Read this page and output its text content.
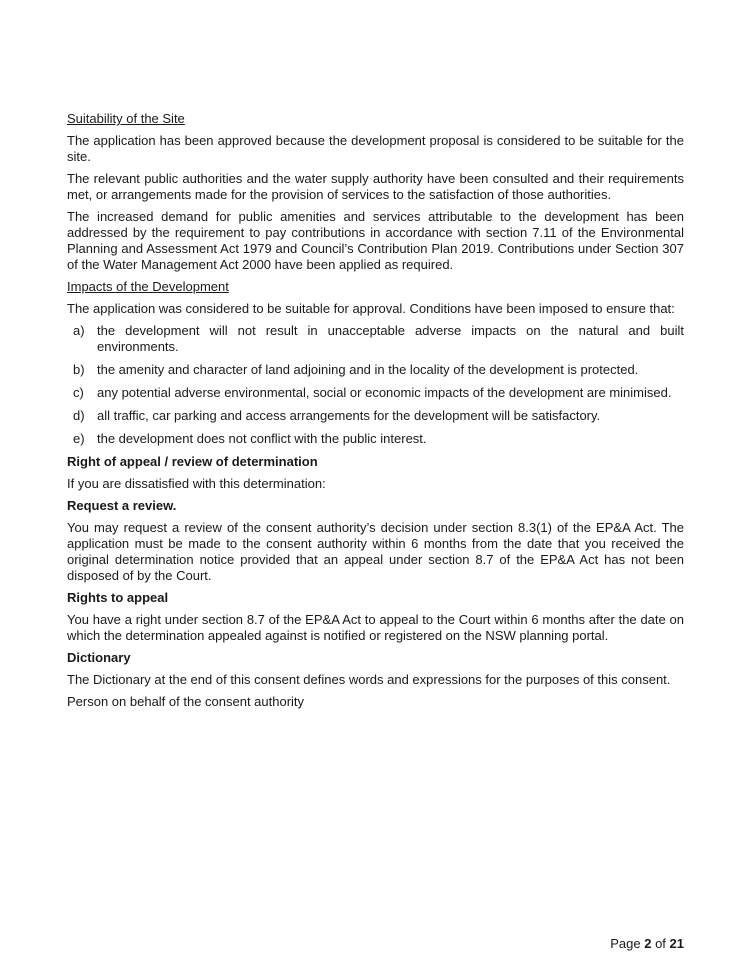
Suitability of the Site

The application has been approved because the development proposal is considered to be suitable for the site.

The relevant public authorities and the water supply authority have been consulted and their requirements met, or arrangements made for the provision of services to the satisfaction of those authorities.

The increased demand for public amenities and services attributable to the development has been addressed by the requirement to pay contributions in accordance with section 7.11 of the Environmental Planning and Assessment Act 1979 and Council’s Contribution Plan 2019. Contributions under Section 307 of the Water Management Act 2000 have been applied as required.

Impacts of the Development

The application was considered to be suitable for approval. Conditions have been imposed to ensure that:

a) the development will not result in unacceptable adverse impacts on the natural and built environments.
b) the amenity and character of land adjoining and in the locality of the development is protected.
c) any potential adverse environmental, social or economic impacts of the development are minimised.
d) all traffic, car parking and access arrangements for the development will be satisfactory.
e) the development does not conflict with the public interest.
Right of appeal / review of determination

If you are dissatisfied with this determination:

Request a review.

You may request a review of the consent authority’s decision under section 8.3(1) of the EP&A Act. The application must be made to the consent authority within 6 months from the date that you received the original determination notice provided that an appeal under section 8.7 of the EP&A Act has not been disposed of by the Court.

Rights to appeal

You have a right under section 8.7 of the EP&A Act to appeal to the Court within 6 months after the date on which the determination appealed against is notified or registered on the NSW planning portal.

Dictionary

The Dictionary at the end of this consent defines words and expressions for the purposes of this consent.

Person on behalf of the consent authority

Page 2 of 21
